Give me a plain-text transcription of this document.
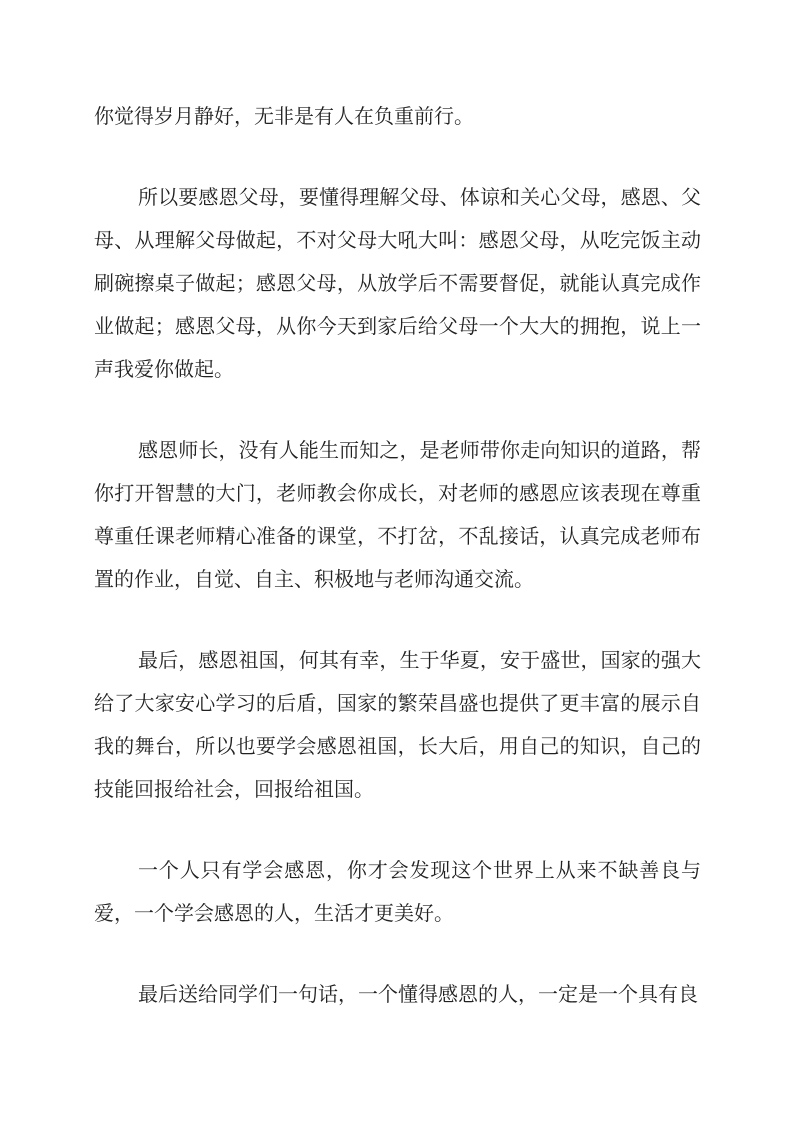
你觉得岁月静好，无非是有人在负重前行。

所以要感恩父母，要懂得理解父母、体谅和关心父母，感恩、父母、从理解父母做起，不对父母大吼大叫：感恩父母，从吃完饭主动刷碗擦桌子做起；感恩父母，从放学后不需要督促，就能认真完成作业做起；感恩父母，从你今天到家后给父母一个大大的拥抱，说上一声我爱你做起。

感恩师长，没有人能生而知之，是老师带你走向知识的道路，帮你打开智慧的大门，老师教会你成长，对老师的感恩应该表现在尊重尊重任课老师精心准备的课堂，不打岔，不乱接话，认真完成老师布置的作业，自觉、自主、积极地与老师沟通交流。

最后，感恩祖国，何其有幸，生于华夏，安于盛世，国家的强大给了大家安心学习的后盾，国家的繁荣昌盛也提供了更丰富的展示自我的舞台，所以也要学会感恩祖国，长大后，用自己的知识，自己的技能回报给社会，回报给祖国。

一个人只有学会感恩，你才会发现这个世界上从来不缺善良与爱，一个学会感恩的人，生活才更美好。

最后送给同学们一句话，一个懂得感恩的人，一定是一个具有良
